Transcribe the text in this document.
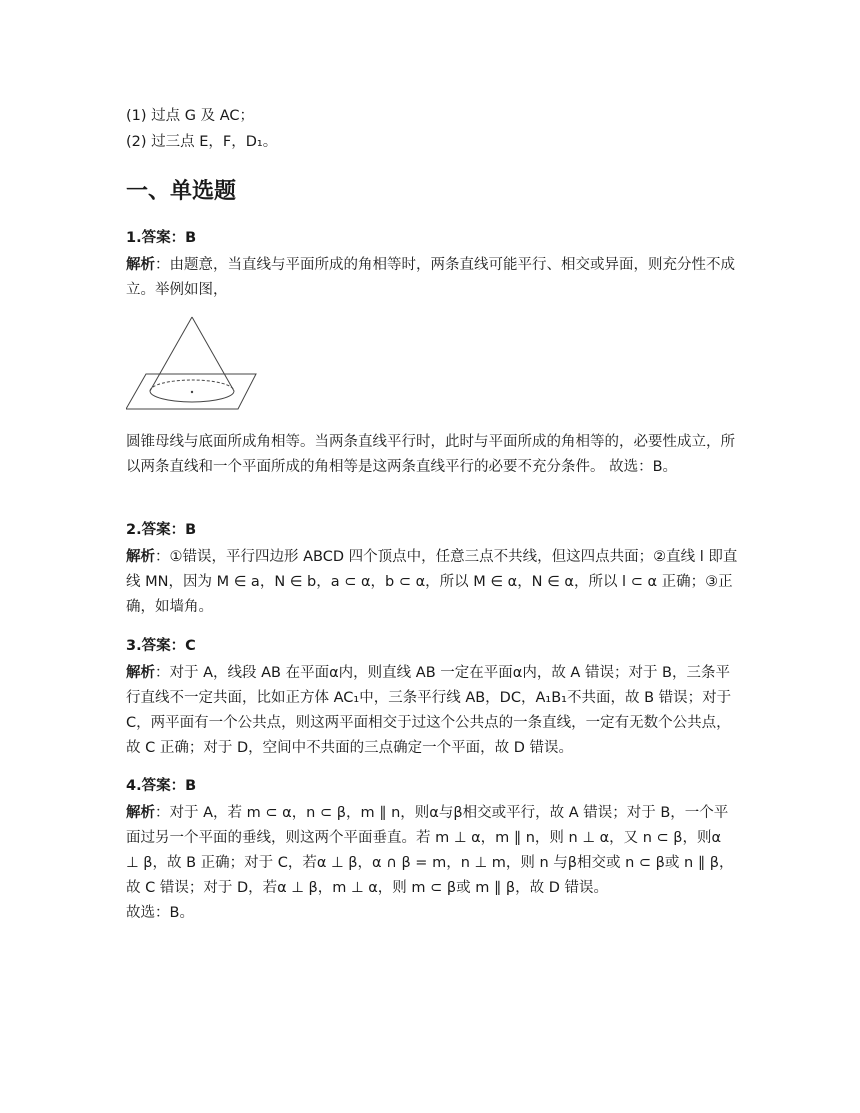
(1) 过点 G 及 AC；
(2) 过三点 E，F，D₁。
一、单选题
1.答案：B
解析：由题意，当直线与平面所成的角相等时，两条直线可能平行、相交或异面，则充分性不成立。举例如图，
圆锥母线与底面所成角相等。当两条直线平行时，此时与平面所成的角相等的，必要性成立，所以两条直线和一个平面所成的角相等是这两条直线平行的必要不充分条件。 故选：B。
2.答案：B
解析：①错误，平行四边形 ABCD 四个顶点中，任意三点不共线，但这四点共面；②直线 l 即直线 MN，因为 M ∈ a，N ∈ b，a ⊂ α，b ⊂ α，所以 M ∈ α，N ∈ α，所以 l ⊂ α 正确；③正确，如墙角。
3.答案：C
解析：对于 A，线段 AB 在平面α内，则直线 AB 一定在平面α内，故 A 错误；对于 B，三条平行直线不一定共面，比如正方体 AC₁中，三条平行线 AB，DC，A₁B₁不共面，故 B 错误；对于 C，两平面有一个公共点，则这两平面相交于过这个公共点的一条直线，一定有无数个公共点，故 C 正确；对于 D，空间中不共面的三点确定一个平面，故 D 错误。
4.答案：B
解析：对于 A，若 m ⊂ α，n ⊂ β，m ∥ n，则α与β相交或平行，故 A 错误；对于 B，一个平面过另一个平面的垂线，则这两个平面垂直。若 m ⊥ α，m ∥ n，则 n ⊥ α，又 n ⊂ β，则α ⊥ β，故 B 正确；对于 C，若α ⊥ β，α ∩ β = m，n ⊥ m，则 n 与β相交或 n ⊂ β或 n ∥ β，故 C 错误；对于 D，若α ⊥ β，m ⊥ α，则 m ⊂ β或 m ∥ β，故 D 错误。
故选：B。
